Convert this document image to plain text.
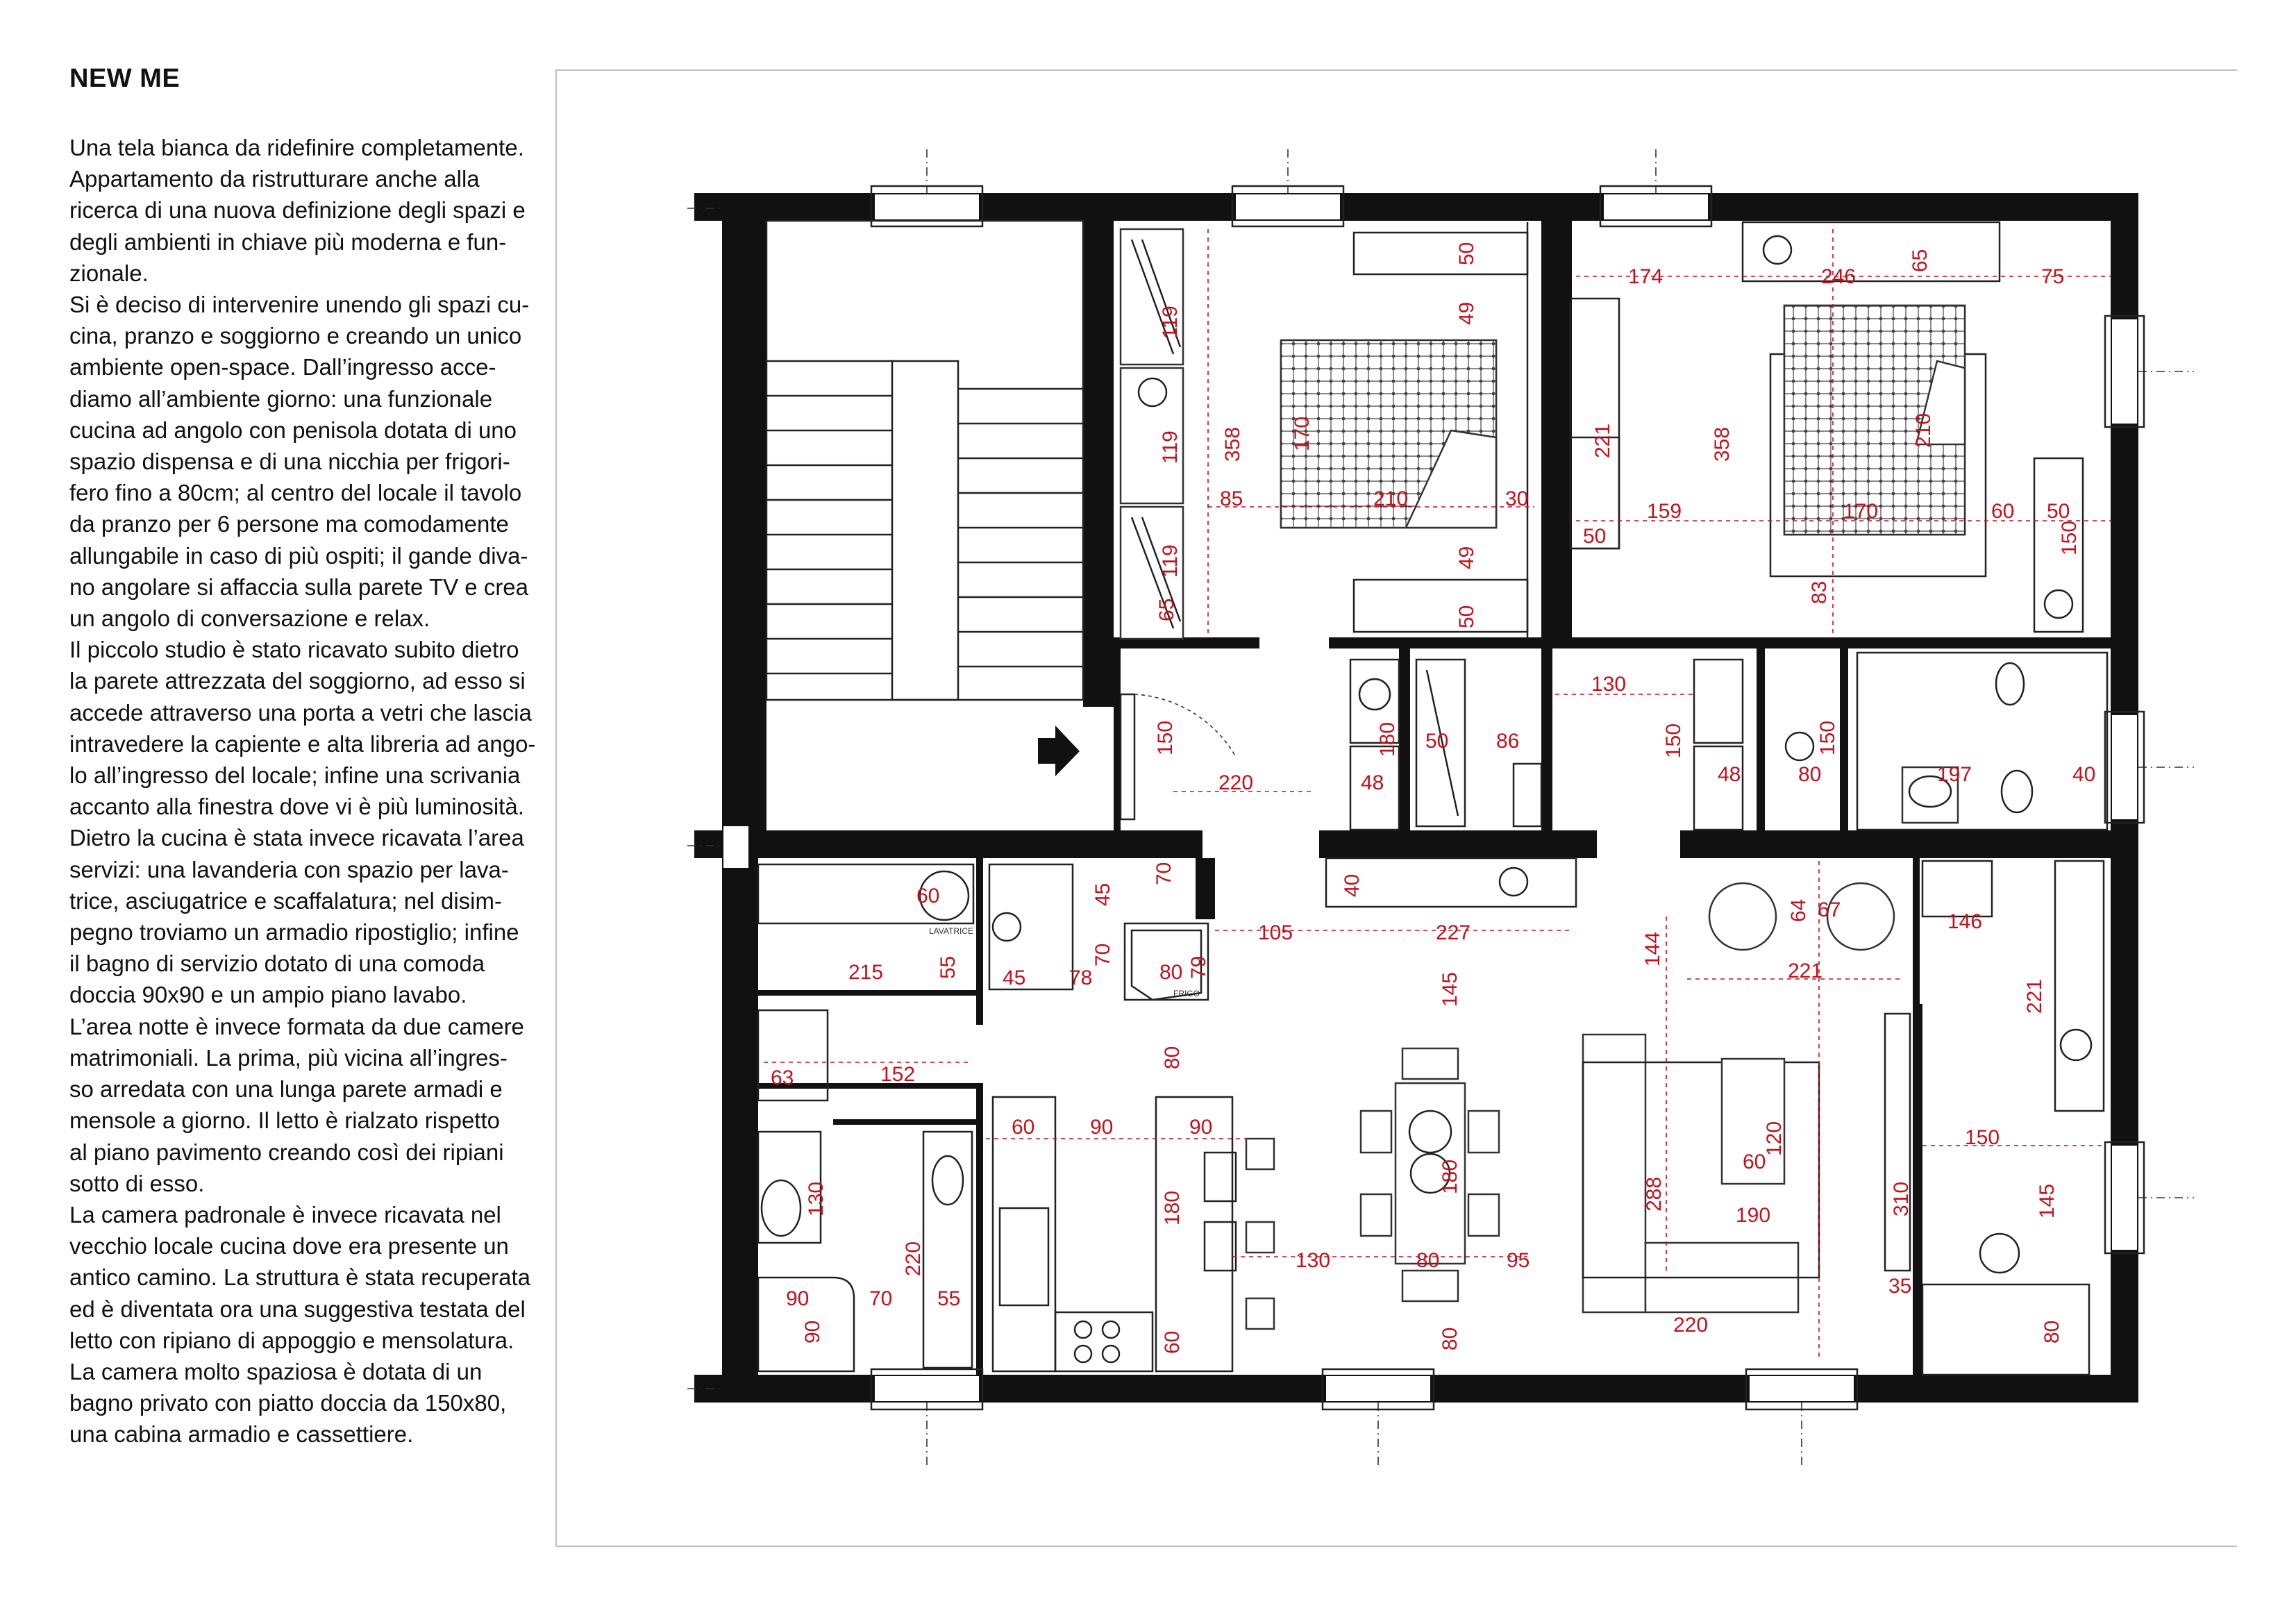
NEW ME
Una tela bianca da ridefinire completamente.
Appartamento da ristrutturare anche alla
ricerca di una nuova definizione degli spazi e
degli ambienti in chiave più moderna e fun-
zionale.
Si è deciso di intervenire unendo gli spazi cu-
cina, pranzo e soggiorno e creando un unico
ambiente open-space. Dall’ingresso acce-
diamo all’ambiente giorno: una funzionale
cucina ad angolo con penisola dotata di uno
spazio dispensa e di una nicchia per frigori-
fero fino a 80cm; al centro del locale il tavolo
da pranzo per 6 persone ma comodamente
allungabile in caso di più ospiti; il gande diva-
no angolare si affaccia sulla parete TV e crea
un angolo di conversazione e relax.
Il piccolo studio è stato ricavato subito dietro
la parete attrezzata del soggiorno, ad esso si
accede attraverso una porta a vetri che lascia
intravedere la capiente e alta libreria ad ango-
lo all’ingresso del locale; infine una scrivania
accanto alla finestra dove vi è più luminosità.
Dietro la cucina è stata invece ricavata l’area
servizi: una lavanderia con spazio per lava-
trice, asciugatrice e scaffalatura; nel disim-
pegno troviamo un armadio ripostiglio; infine
il bagno di servizio dotato di una comoda
doccia 90x90 e un ampio piano lavabo.
L’area notte è invece formata da due camere
matrimoniali. La prima, più vicina all’ingres-
so arredata con una lunga parete armadi e
mensole a giorno. Il letto è rialzato rispetto
al piano pavimento creando così dei ripiani
sotto di esso.
La camera padronale è invece ricavata nel
vecchio locale cucina dove era presente un
antico camino. La struttura è stata recuperata
ed è diventata ora una suggestiva testata del
letto con ripiano di appoggio e mensolatura.
La camera molto spaziosa è dotata di un
bagno privato con piatto doccia da 150x80,
una cabina armadio e cassettiere.
LAVATRICE
FRIGO
50
49
49
50
119
119
119
65
358 170
85	210	30
174	246
65
75
221	358	210
50
159	170	60 50
150
83
150
220
180
48
50 86
130
150
48
150
80	197	40
60	45
70
40
105	227	144
64 67
146
215	55 45 78
70
80 79
145
221
221
152
63
80
60	90	90	120
60
150
130	180
180	288
190	310	145
220	130	80	95
90	70 55
90
35
60	80
220	80
